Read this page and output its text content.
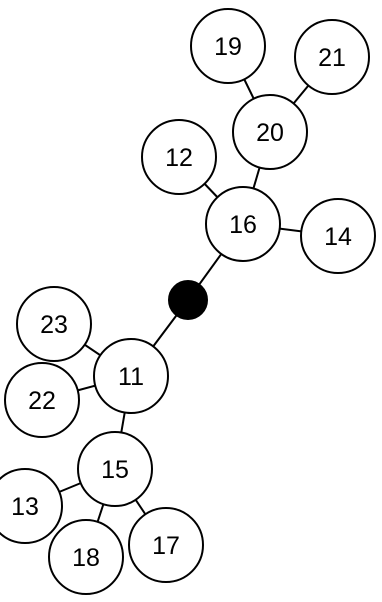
11
12
13
14
15
16
17
18
19
20
21
22
23
